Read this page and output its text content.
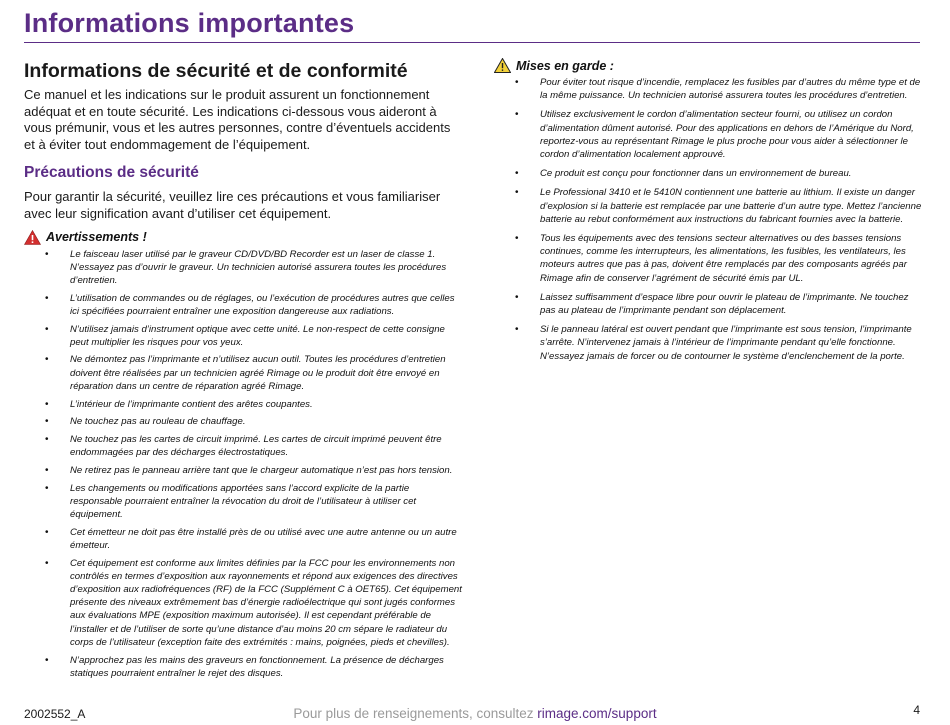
Informations importantes
Informations de sécurité et de conformité

Ce manuel et les indications sur le produit assurent un fonctionnement adéquat et en toute sécurité. Les indications ci-dessous vous aideront à vous prémunir, vous et les autres personnes, contre d’éventuels accidents et à éviter tout endommagement de l’équipement.

Précautions de sécurité

Pour garantir la sécurité, veuillez lire ces précautions et vous familiariser avec leur signification avant d’utiliser cet équipement.

Avertissements !
• Le faisceau laser utilisé par le graveur CD/DVD/BD Recorder est un laser de classe 1. N’essayez pas d’ouvrir le graveur. Un technicien autorisé assurera toutes les procédures d’entretien.
• L’utilisation de commandes ou de réglages, ou l’exécution de procédures autres que celles ici spécifiées pourraient entraîner une exposition dangereuse aux radiations.
• N’utilisez jamais d’instrument optique avec cette unité. Le non-respect de cette consigne peut multiplier les risques pour vos yeux.
• Ne démontez pas l’imprimante et n’utilisez aucun outil. Toutes les procédures d’entretien doivent être réalisées par un technicien agréé Rimage ou le produit doit être envoyé en réparation dans un centre de réparation agréé Rimage.
• L’intérieur de l’imprimante contient des arêtes coupantes.
• Ne touchez pas au rouleau de chauffage.
• Ne touchez pas les cartes de circuit imprimé. Les cartes de circuit imprimé peuvent être endommagées par des décharges électrostatiques.
• Ne retirez pas le panneau arrière tant que le chargeur automatique n’est pas hors tension.
• Les changements ou modifications apportées sans l’accord explicite de la partie responsable pourraient entraîner la révocation du droit de l’utilisateur à utiliser cet équipement.
• Cet émetteur ne doit pas être installé près de ou utilisé avec une autre antenne ou un autre émetteur.
• Cet équipement est conforme aux limites définies par la FCC pour les environnements non contrôlés en termes d’exposition aux rayonnements et répond aux exigences des directives d’exposition aux radiofréquences (RF) de la FCC (Supplément C à OET65). Cet équipement présente des niveaux extrêmement bas d’énergie radioélectrique qui sont jugés conformes aux évaluations MPE (exposition maximum autorisée). Il est cependant préférable de l’installer et de l’utiliser de sorte qu’une distance d’au moins 20 cm sépare le radiateur du corps de l’utilisateur (exception faite des extrémités : mains, poignées, pieds et chevilles).
• N’approchez pas les mains des graveurs en fonctionnement. La présence de décharges statiques pourraient entraîner le rejet des disques.
Mises en garde :
• Pour éviter tout risque d’incendie, remplacez les fusibles par d’autres du même type et de la même puissance. Un technicien autorisé assurera toutes les procédures d’entretien.
• Utilisez exclusivement le cordon d’alimentation secteur fourni, ou utilisez un cordon d’alimentation dûment autorisé. Pour des applications en dehors de l’Amérique du Nord, reportez-vous au représentant Rimage le plus proche pour vous aider à sélectionner le cordon d’alimentation localement approuvé.
• Ce produit est conçu pour fonctionner dans un environnement de bureau.
• Le Professional 3410 et le 5410N contiennent une batterie au lithium. Il existe un danger d’explosion si la batterie est remplacée par une batterie d’un autre type. Mettez l’ancienne batterie au rebut conformément aux instructions du fabricant fournies avec la batterie.
• Tous les équipements avec des tensions secteur alternatives ou des basses tensions continues, comme les interrupteurs, les alimentations, les fusibles, les ventilateurs, les moteurs autres que pas à pas, doivent être remplacés par des composants agréés par Rimage afin de conserver l’agrément de sécurité émis par UL.
• Laissez suffisamment d’espace libre pour ouvrir le plateau de l’imprimante. Ne touchez pas au plateau de l’imprimante pendant son déplacement.
• Si le panneau latéral est ouvert pendant que l’imprimante est sous tension, l’imprimante s’arrête. N’intervenez jamais à l’intérieur de l’imprimante pendant qu’elle fonctionne. N’essayez jamais de forcer ou de contourner le système d’enclenchement de la porte.
2002552_A	Pour plus de renseignements, consultez rimage.com/support	4
